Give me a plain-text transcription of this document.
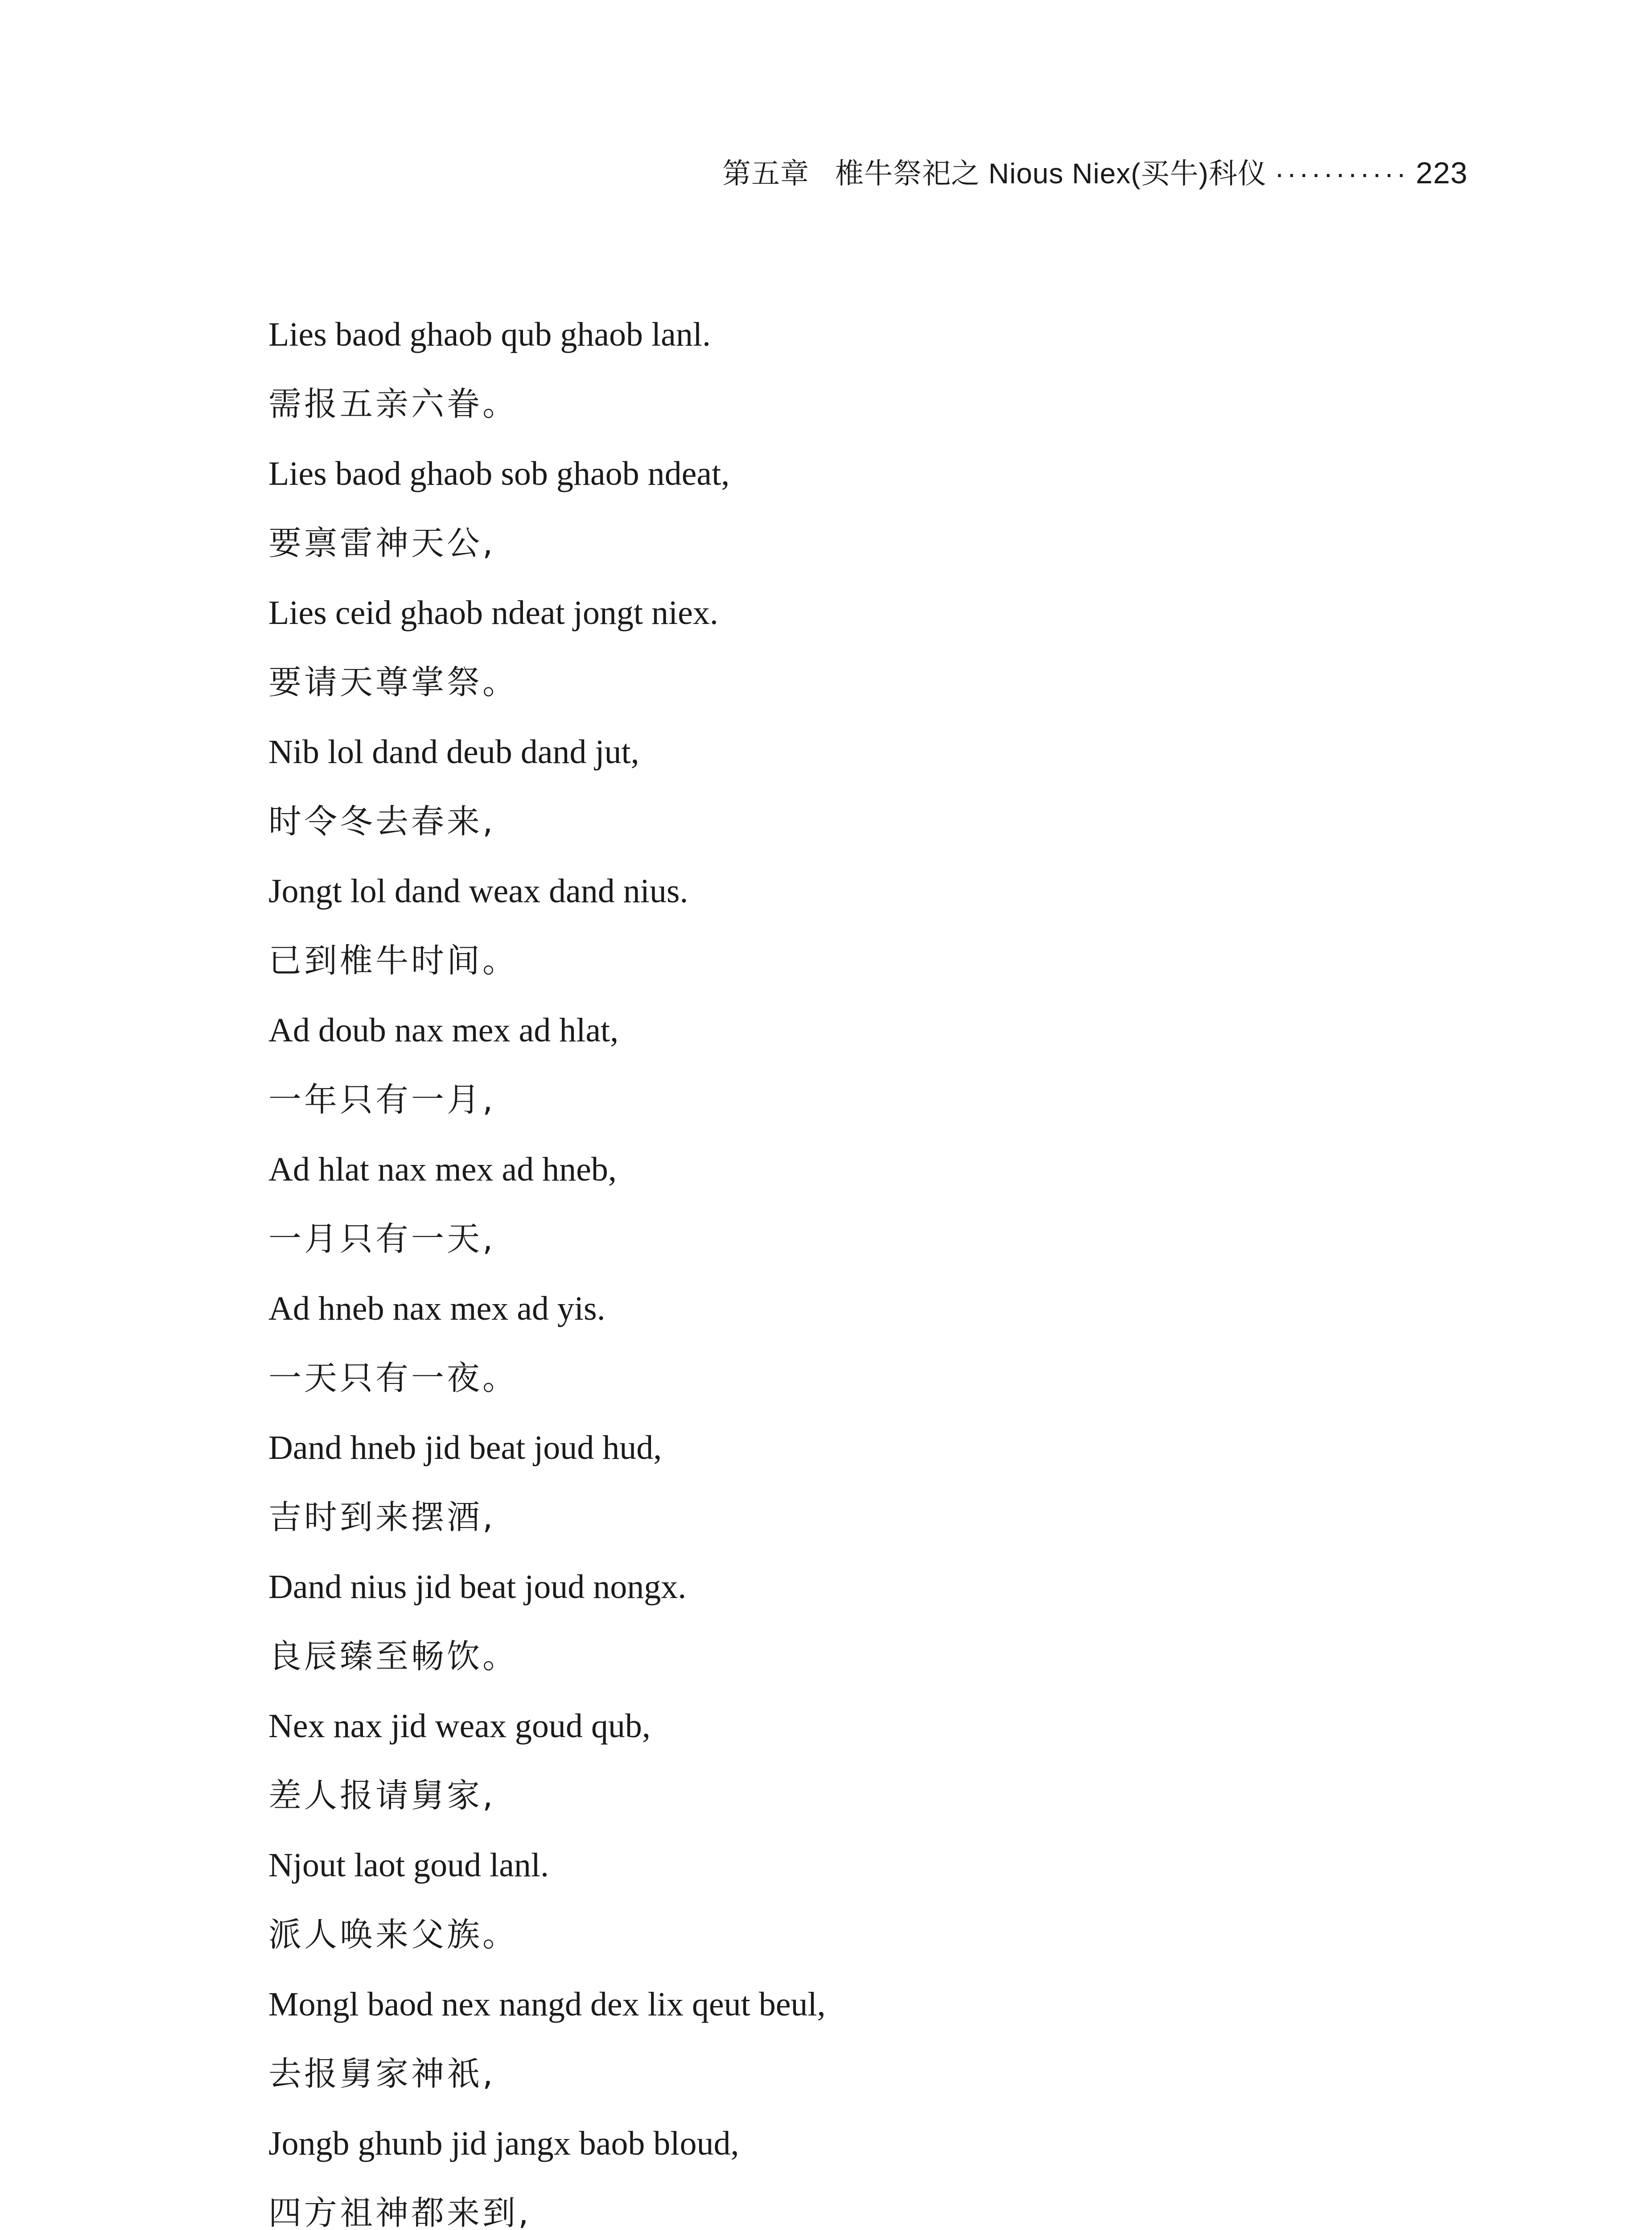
第五章 椎牛祭祀之 Nious Niex(买牛)科仪 ··········· 223
Lies baod ghaob qub ghaob lanl.
需报五亲六眷。
Lies baod ghaob sob ghaob ndeat,
要禀雷神天公,
Lies ceid ghaob ndeat jongt niex.
要请天尊掌祭。
Nib lol dand deub dand jut,
时令冬去春来,
Jongt lol dand weax dand nius.
已到椎牛时间。
Ad doub nax mex ad hlat,
一年只有一月,
Ad hlat nax mex ad hneb,
一月只有一天,
Ad hneb nax mex ad yis.
一天只有一夜。
Dand hneb jid beat joud hud,
吉时到来摆酒,
Dand nius jid beat joud nongx.
良辰臻至畅饮。
Nex nax jid weax goud qub,
差人报请舅家,
Njout laot goud lanl.
派人唤来父族。
Mongl baod nex nangd dex lix qeut beul,
去报舅家神祇,
Jongb ghunb jid jangx baob bloud,
四方祖神都来到,
